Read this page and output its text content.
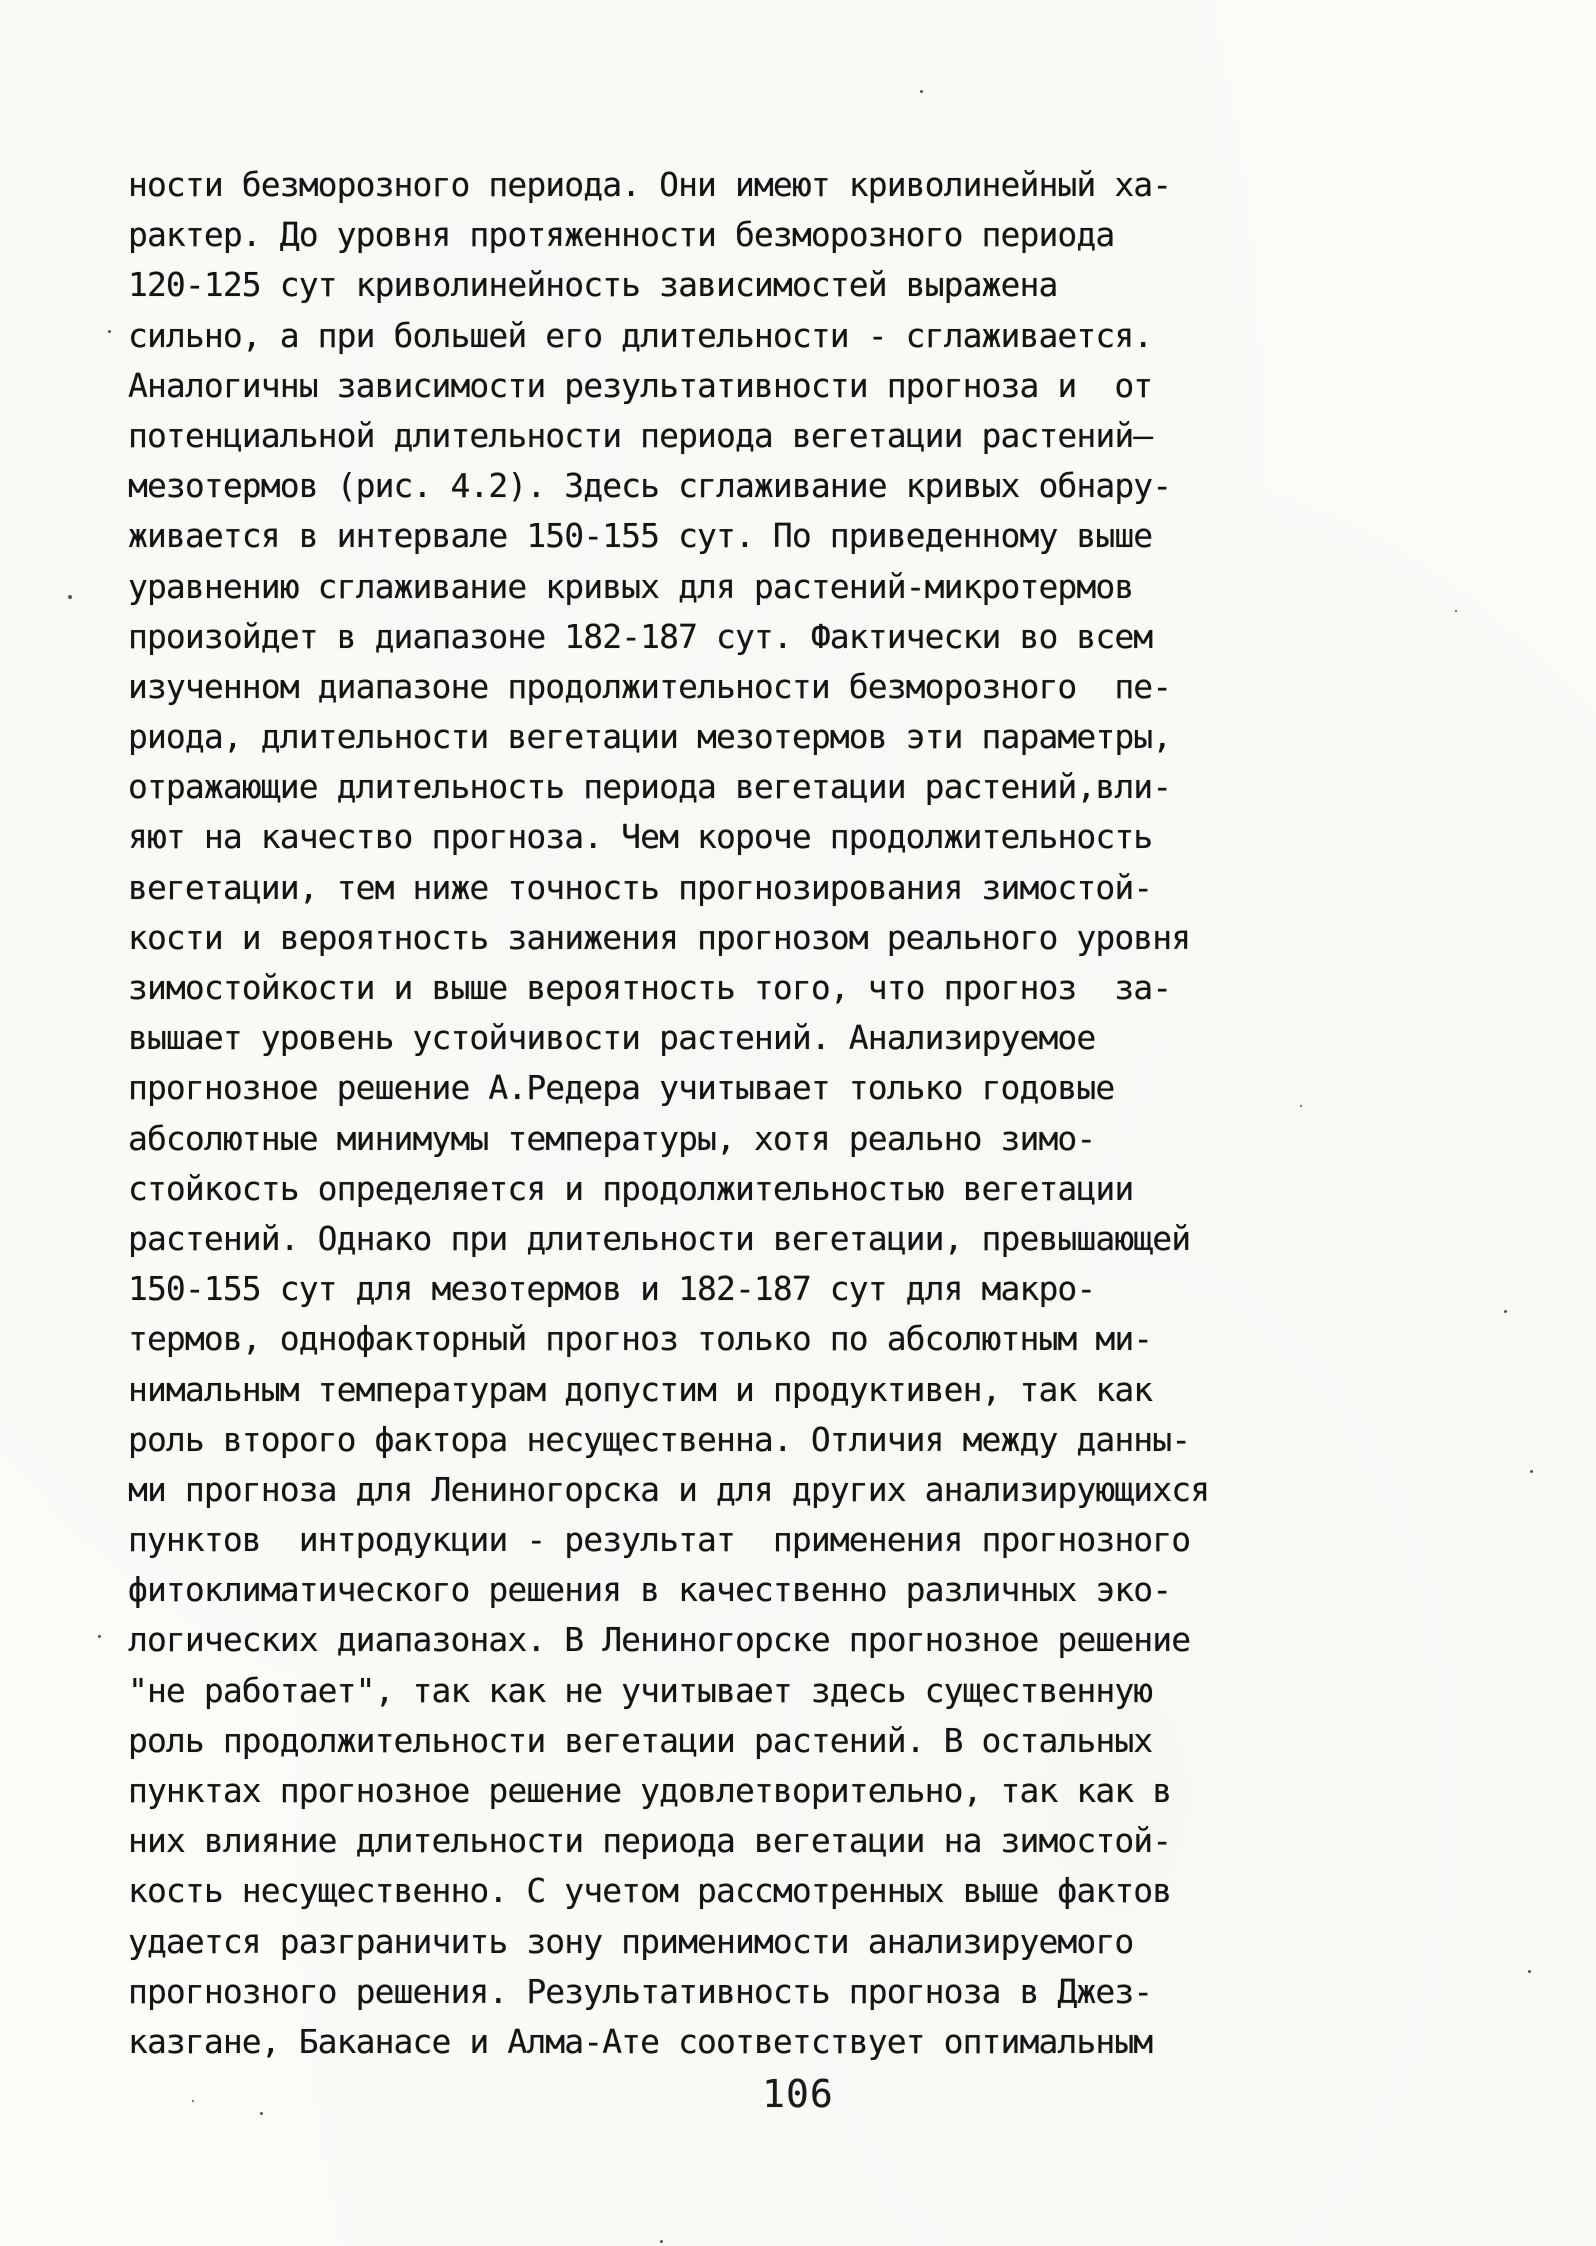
ности безморозного периода. Они имеют криволинейный ха-
рактер. До уровня протяженности безморозного периода
120-125 сут криволинейность зависимостей выражена
сильно, а при большей его длительности - сглаживается.
Аналогичны зависимости результативности прогноза и  от
потенциальной длительности периода вегетации растений—
мезотермов (рис. 4.2). Здесь сглаживание кривых обнару-
живается в интервале 150-155 сут. По приведенному выше
уравнению сглаживание кривых для растений-микротермов
произойдет в диапазоне 182-187 сут. Фактически во всем
изученном диапазоне продолжительности безморозного  пе-
риода, длительности вегетации мезотермов эти параметры,
отражающие длительность периода вегетации растений,вли-
яют на качество прогноза. Чем короче продолжительность
вегетации, тем ниже точность прогнозирования зимостой-
кости и вероятность занижения прогнозом реального уровня
зимостойкости и выше вероятность того, что прогноз  за-
вышает уровень устойчивости растений. Анализируемое
прогнозное решение А.Редера учитывает только годовые
абсолютные минимумы температуры, хотя реально зимо-
стойкость определяется и продолжительностью вегетации
растений. Однако при длительности вегетации, превышающей
150-155 сут для мезотермов и 182-187 сут для макро-
термов, однофакторный прогноз только по абсолютным ми-
нимальным температурам допустим и продуктивен, так как
роль второго фактора несущественна. Отличия между данны-
ми прогноза для Лениногорска и для других анализирующихся
пунктов  интродукции - результат  применения прогнозного
фитоклиматического решения в качественно различных эко-
логических диапазонах. В Лениногорске прогнозное решение
"не работает", так как не учитывает здесь существенную
роль продолжительности вегетации растений. В остальных
пунктах прогнозное решение удовлетворительно, так как в
них влияние длительности периода вегетации на зимостой-
кость несущественно. С учетом рассмотренных выше фактов
удается разграничить зону применимости анализируемого
прогнозного решения. Результативность прогноза в Джез-
казгане, Баканасе и Алма-Ате соответствует оптимальным
106
